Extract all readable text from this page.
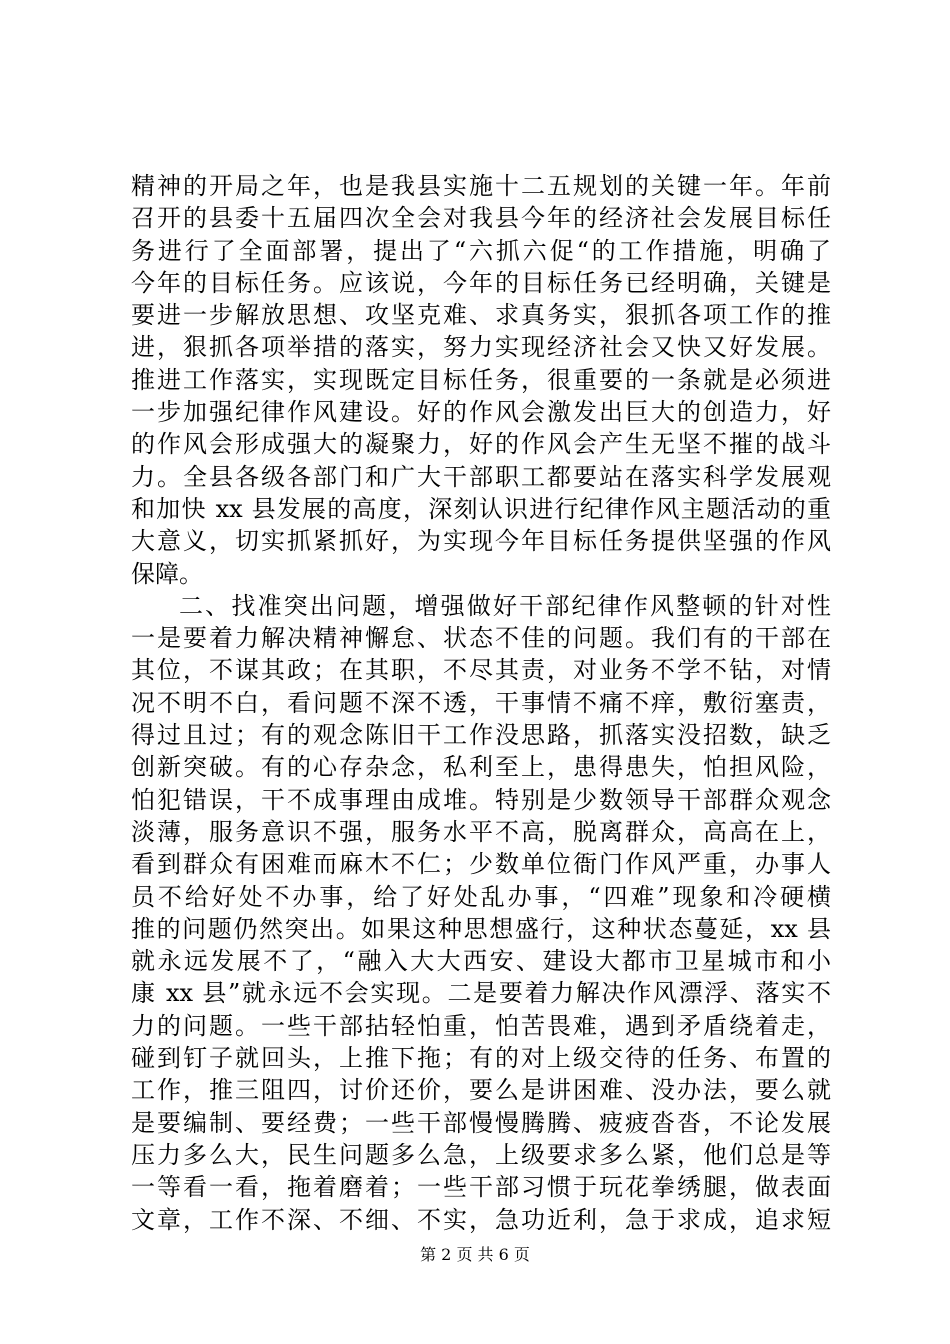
精神的开局之年，也是我县实施十二五规划的关键一年。年前
召开的县委十五届四次全会对我县今年的经济社会发展目标任
务进行了全面部署，提出了“六抓六促“的工作措施，明确了
今年的目标任务。应该说，今年的目标任务已经明确，关键是
要进一步解放思想、攻坚克难、求真务实，狠抓各项工作的推
进，狠抓各项举措的落实，努力实现经济社会又快又好发展。
推进工作落实，实现既定目标任务，很重要的一条就是必须进
一步加强纪律作风建设。好的作风会激发出巨大的创造力，好
的作风会形成强大的凝聚力，好的作风会产生无坚不摧的战斗
力。全县各级各部门和广大干部职工都要站在落实科学发展观
和加快 xx 县发展的高度，深刻认识进行纪律作风主题活动的重
大意义，切实抓紧抓好，为实现今年目标任务提供坚强的作风
保障。
二、找准突出问题，增强做好干部纪律作风整顿的针对性
一是要着力解决精神懈怠、状态不佳的问题。我们有的干部在
其位，不谋其政；在其职，不尽其责，对业务不学不钻，对情
况不明不白，看问题不深不透，干事情不痛不痒，敷衍塞责，
得过且过；有的观念陈旧干工作没思路，抓落实没招数，缺乏
创新突破。有的心存杂念，私利至上，患得患失，怕担风险，
怕犯错误，干不成事理由成堆。特别是少数领导干部群众观念
淡薄，服务意识不强，服务水平不高，脱离群众，高高在上，
看到群众有困难而麻木不仁；少数单位衙门作风严重，办事人
员不给好处不办事，给了好处乱办事，“四难”现象和冷硬横
推的问题仍然突出。如果这种思想盛行，这种状态蔓延，xx 县
就永远发展不了，“融入大大西安、建设大都市卫星城市和小
康 xx 县”就永远不会实现。二是要着力解决作风漂浮、落实不
力的问题。一些干部拈轻怕重，怕苦畏难，遇到矛盾绕着走，
碰到钉子就回头，上推下拖；有的对上级交待的任务、布置的
工作，推三阻四，讨价还价，要么是讲困难、没办法，要么就
是要编制、要经费；一些干部慢慢腾腾、疲疲沓沓，不论发展
压力多么大，民生问题多么急，上级要求多么紧，他们总是等
一等看一看，拖着磨着；一些干部习惯于玩花拳绣腿，做表面
文章，工作不深、不细、不实，急功近利，急于求成，追求短
第 2 页 共 6 页
